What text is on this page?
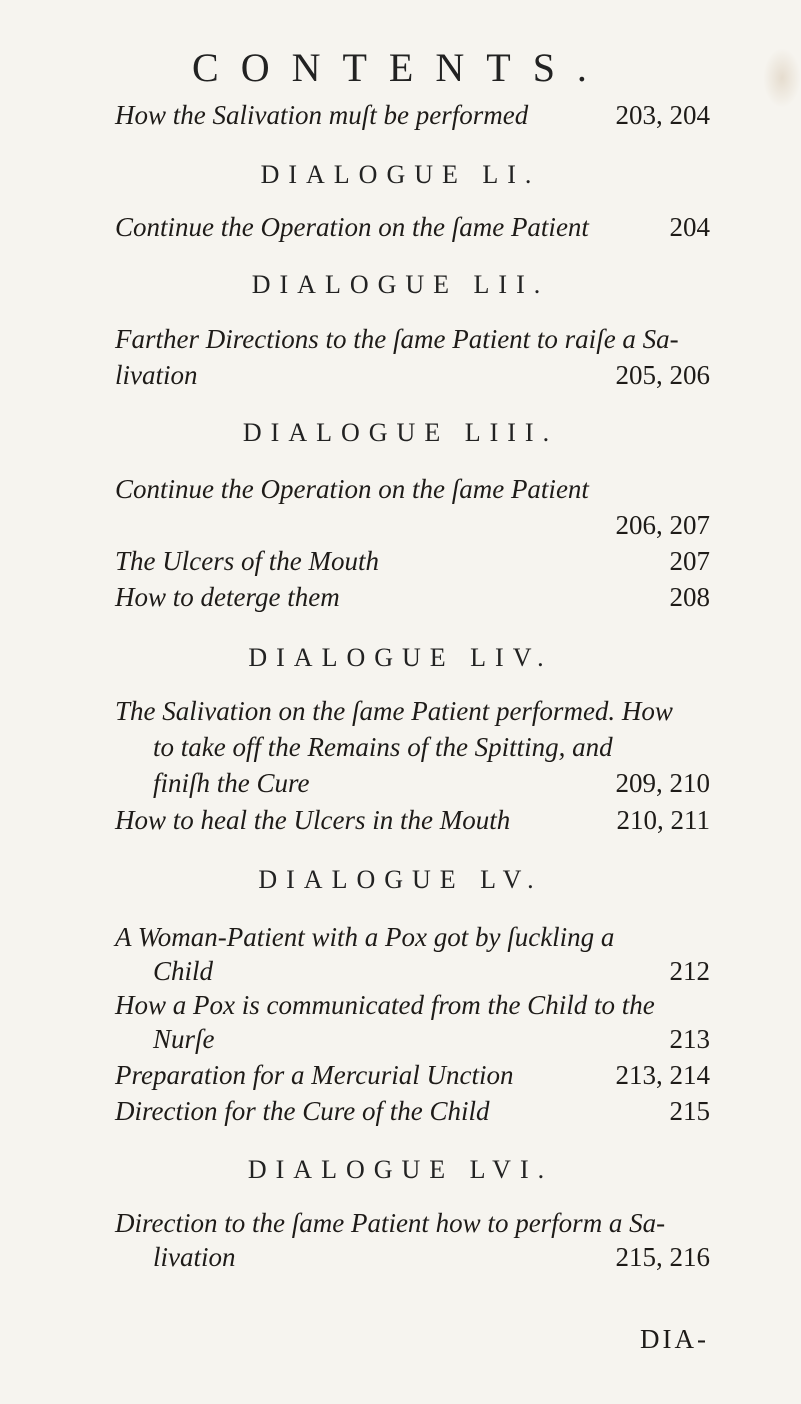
CONTENTS.
How the Salivation muſt be performed	203, 204
DIALOGUE LI.
Continue the Operation on the ſame Patient	204
DIALOGUE LII.
Farther Directions to the ſame Patient to raiſe a Sa-
livation	205, 206
DIALOGUE LIII.
Continue the Operation on the ſame Patient
206, 207
The Ulcers of the Mouth	207
How to deterge them	208
DIALOGUE LIV.
The Salivation on the ſame Patient performed. How
to take off the Remains of the Spitting, and
finiſh the Cure	209, 210
How to heal the Ulcers in the Mouth	210, 211
DIALOGUE LV.
A Woman-Patient with a Pox got by ſuckling a
Child	212
How a Pox is communicated from the Child to the
Nurſe	213
Preparation for a Mercurial Unction	213, 214
Direction for the Cure of the Child	215
DIALOGUE LVI.
Direction to the ſame Patient how to perform a Sa-
livation	215, 216
DIA-
